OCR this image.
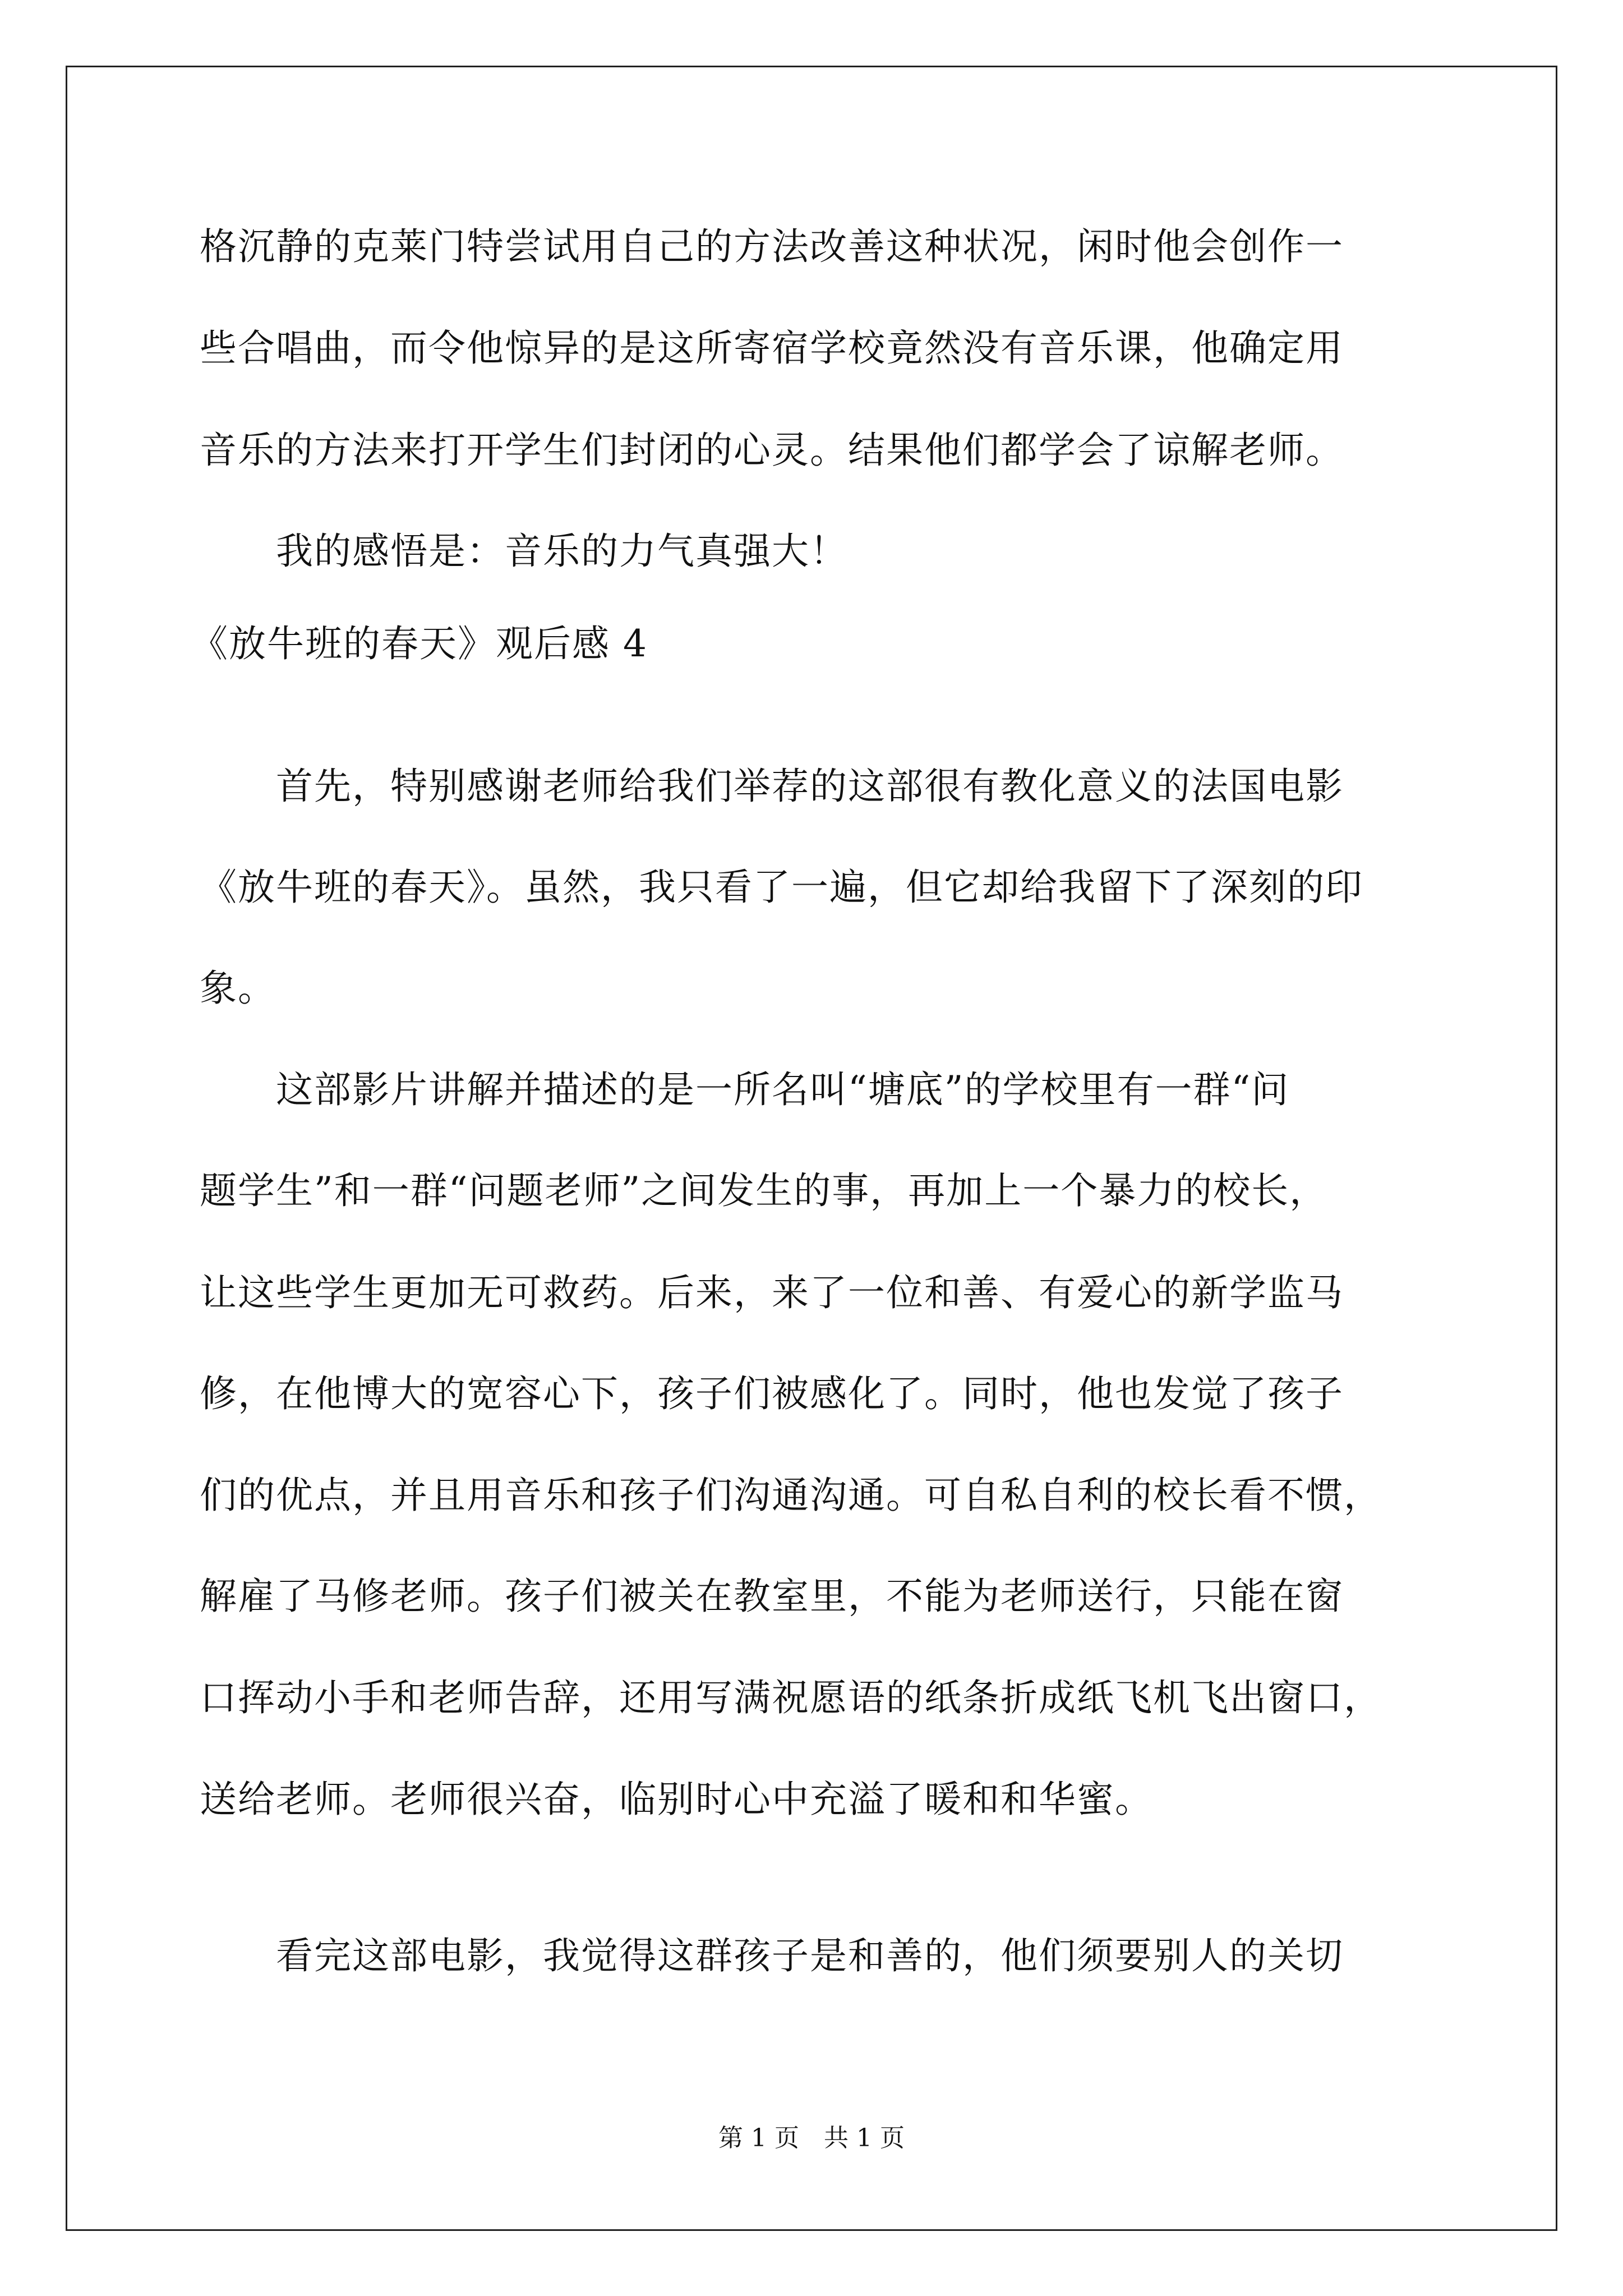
格沉静的克莱门特尝试用自己的方法改善这种状况，闲时他会创作一
些合唱曲，而令他惊异的是这所寄宿学校竟然没有音乐课，他确定用
音乐的方法来打开学生们封闭的心灵。结果他们都学会了谅解老师。
　　我的感悟是：音乐的力气真强大！
《放牛班的春天》观后感 4
　　首先，特别感谢老师给我们举荐的这部很有教化意义的法国电影
《放牛班的春天》。虽然，我只看了一遍，但它却给我留下了深刻的印
象。
　　这部影片讲解并描述的是一所名叫“塘底”的学校里有一群“问
题学生”和一群“问题老师”之间发生的事，再加上一个暴力的校长，
让这些学生更加无可救药。后来，来了一位和善、有爱心的新学监马
修，在他博大的宽容心下，孩子们被感化了。同时，他也发觉了孩子
们的优点，并且用音乐和孩子们沟通沟通。可自私自利的校长看不惯，
解雇了马修老师。孩子们被关在教室里，不能为老师送行，只能在窗
口挥动小手和老师告辞，还用写满祝愿语的纸条折成纸飞机飞出窗口，
送给老师。老师很兴奋，临别时心中充溢了暖和和华蜜。
　　看完这部电影，我觉得这群孩子是和善的，他们须要别人的关切
第 1 页　共 1 页
